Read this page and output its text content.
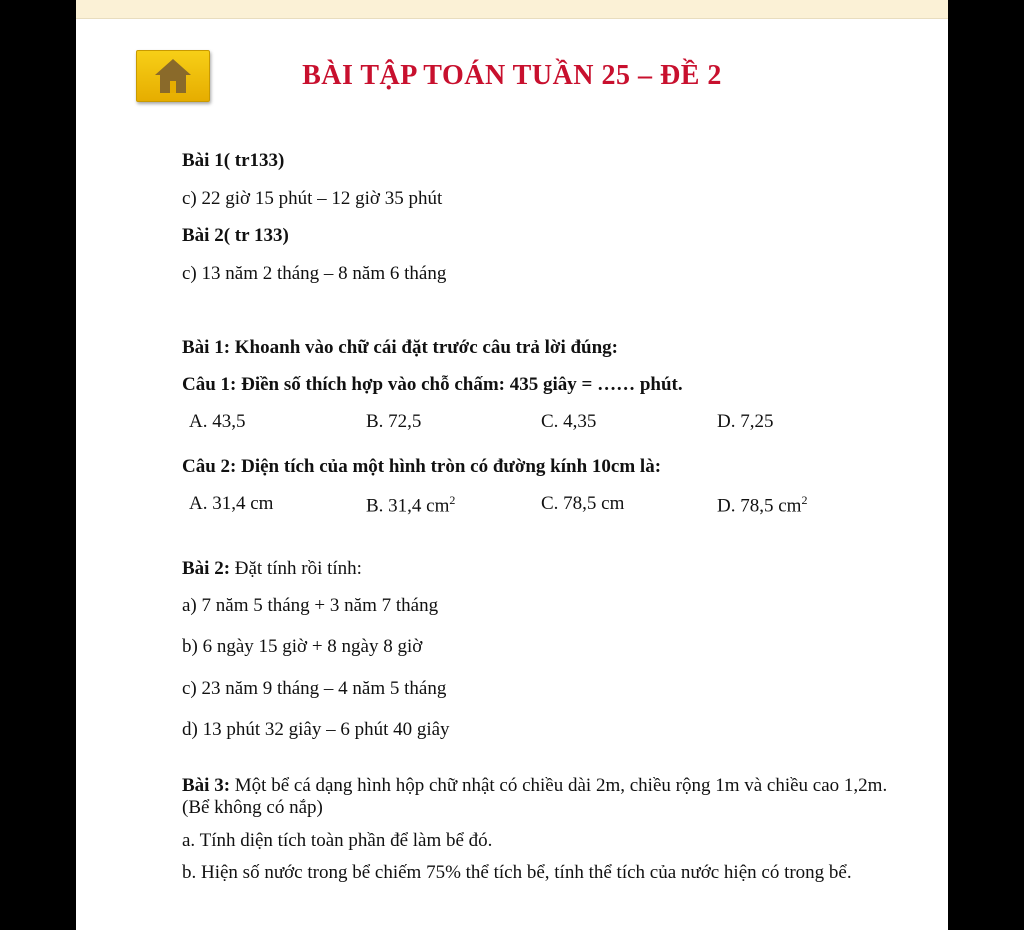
BÀI TẬP TOÁN TUẦN 25 – ĐỀ 2
Bài 1( tr133)
c) 22 giờ 15 phút – 12 giờ 35 phút
Bài 2( tr 133)
c) 13 năm 2 tháng – 8 năm 6 tháng
Bài 1: Khoanh vào chữ cái đặt trước câu trả lời đúng:
Câu 1: Điền số thích hợp vào chỗ chấm: 435 giây = …… phút.
A. 43,5	B. 72,5	C. 4,35	D. 7,25
Câu 2: Diện tích của một hình tròn có đường kính 10cm là:
A. 31,4 cm	B. 31,4 $cm^2$	C. 78,5 cm	D. 78,5 $cm^2$
Bài 2: Đặt tính rồi tính:
a) 7 năm 5 tháng + 3 năm 7 tháng
b) 6 ngày 15 giờ + 8 ngày 8 giờ
c) 23 năm 9 tháng – 4 năm 5 tháng
d) 13 phút 32 giây – 6 phút 40 giây
Bài 3: Một bể cá dạng hình hộp chữ nhật có chiều dài 2m, chiều rộng 1m và chiều cao 1,2m. (Bể không có nắp)
a. Tính diện tích toàn phần để làm bể đó.
b. Hiện số nước trong bể chiếm 75% thể tích bể, tính thể tích của nước hiện có trong bể.
